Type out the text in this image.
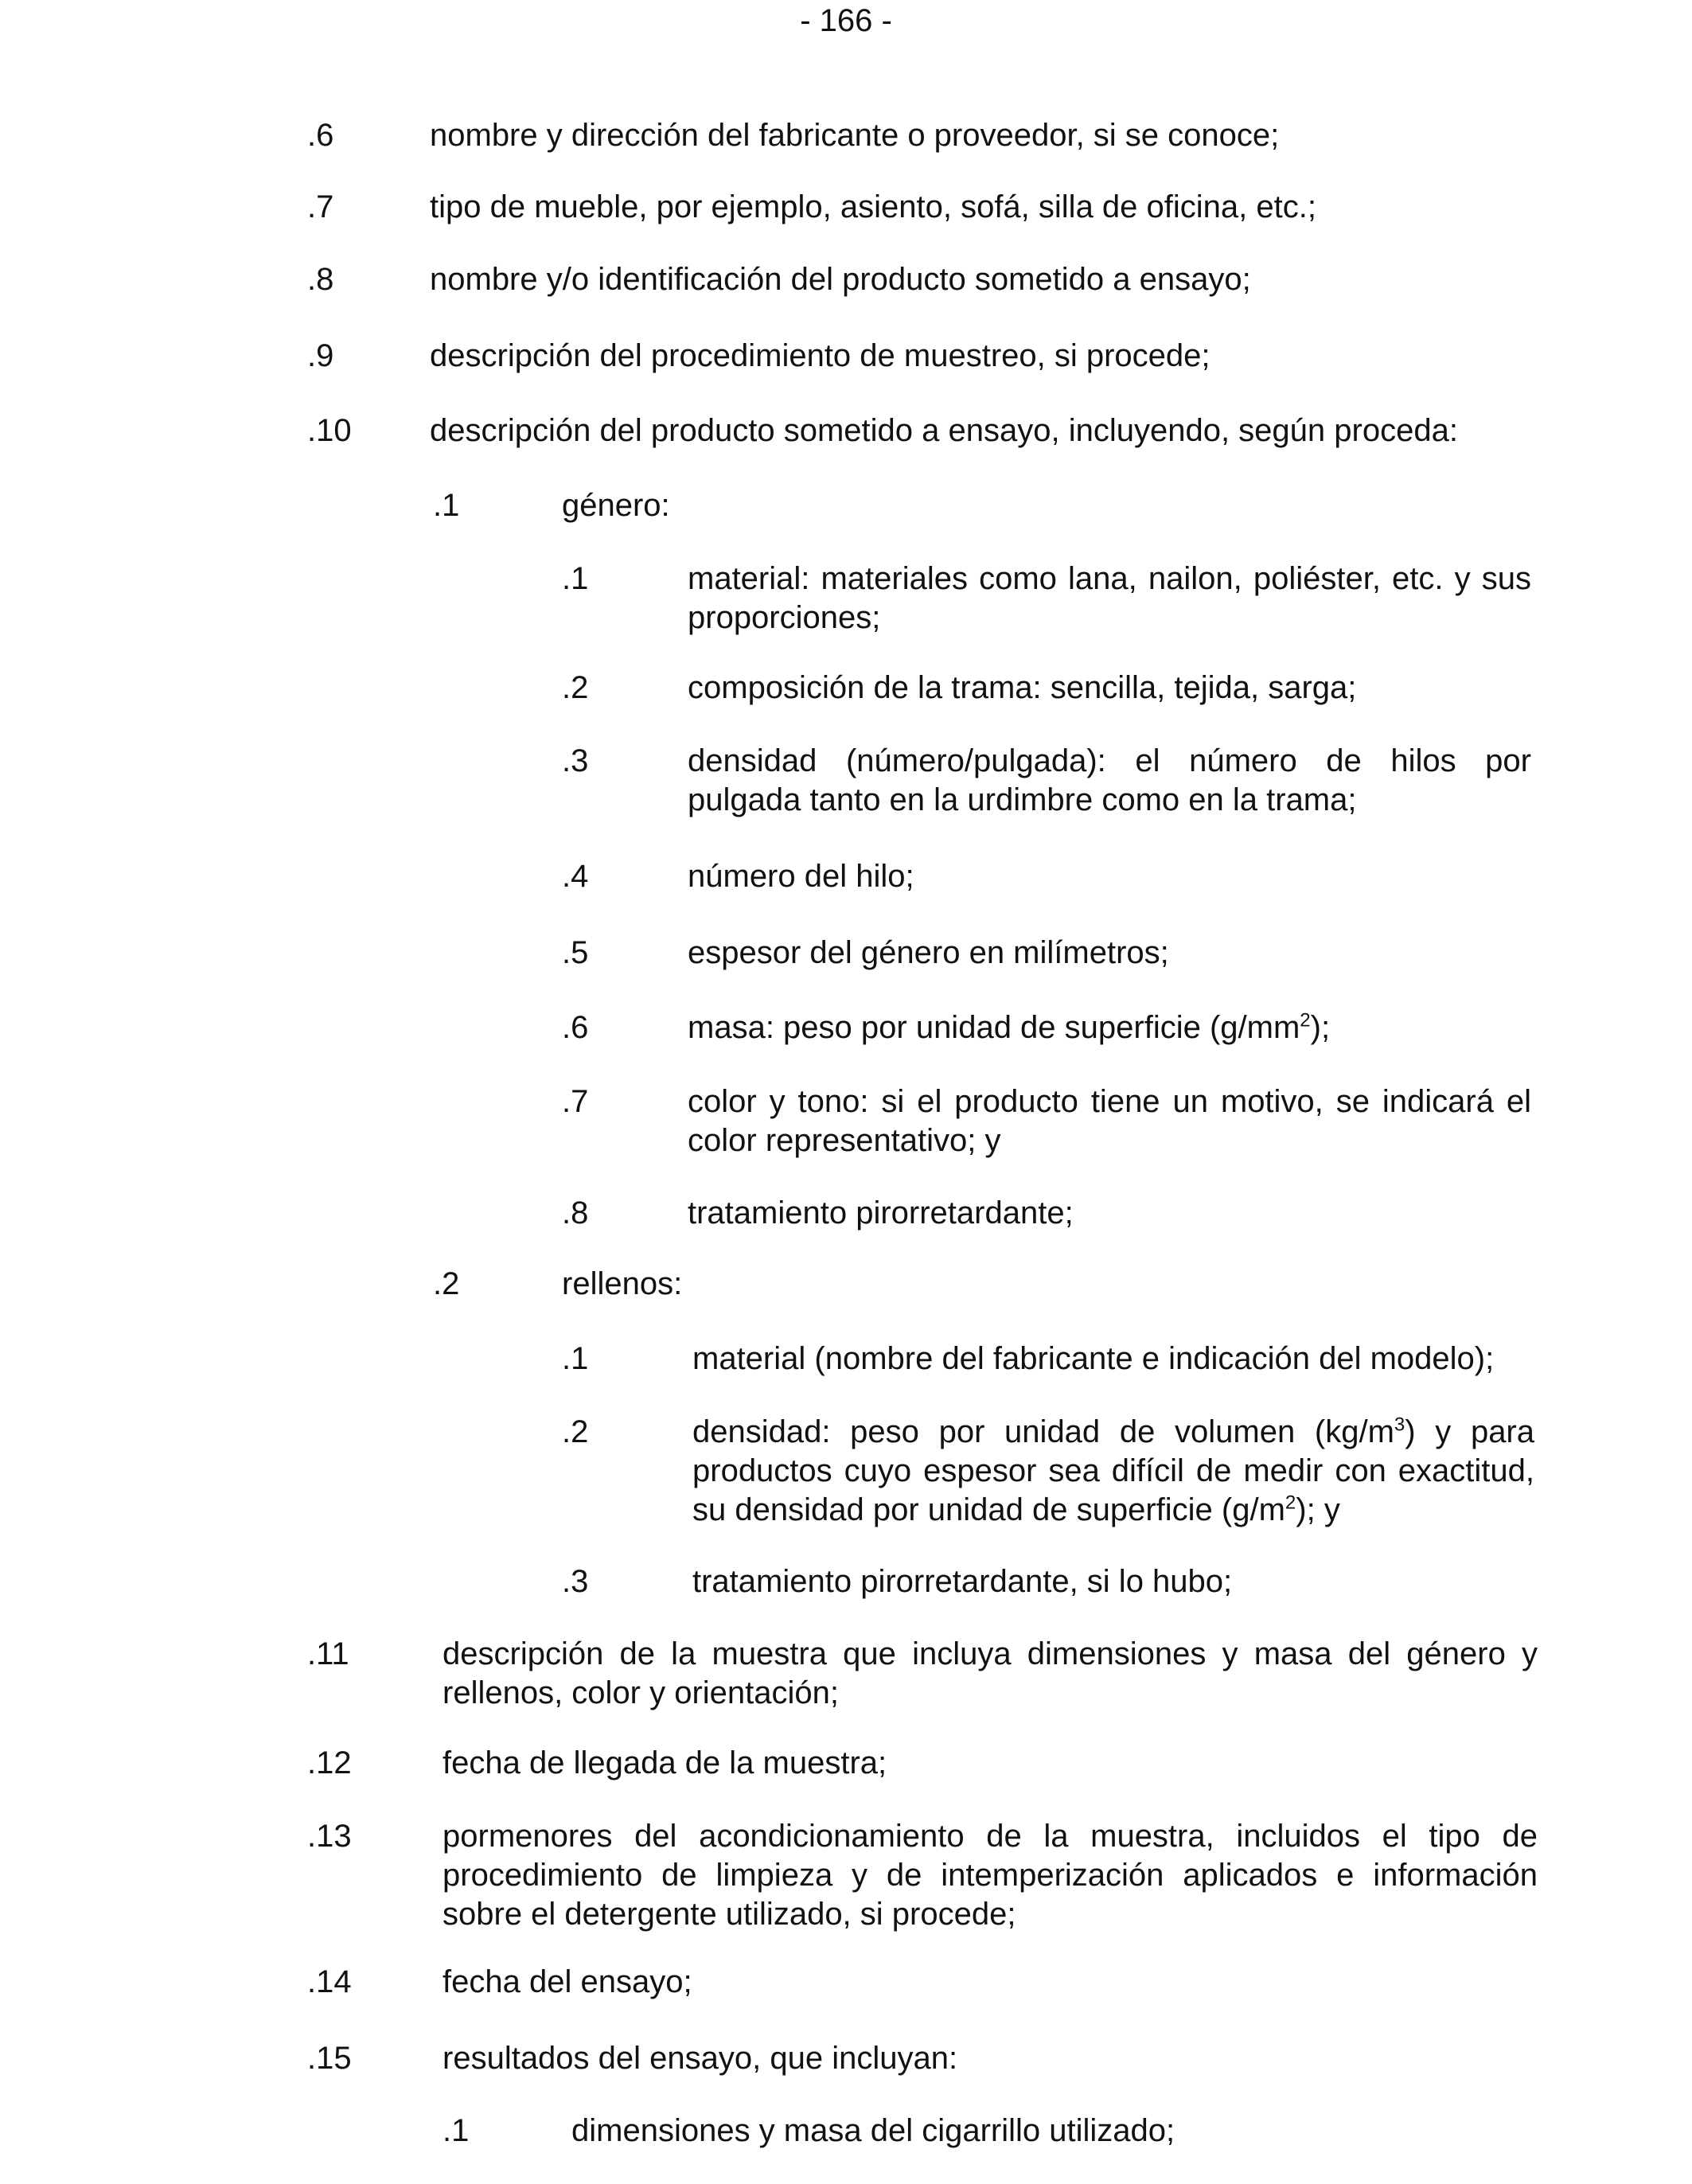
- 166 -
.6	nombre y dirección del fabricante o proveedor, si se conoce;
.7	tipo de mueble, por ejemplo, asiento, sofá, silla de oficina, etc.;
.8	nombre y/o identificación del producto sometido a ensayo;
.9	descripción del procedimiento de muestreo, si procede;
.10 descripción del producto sometido a ensayo, incluyendo, según proceda:
.1	género:
.1	material: materiales como lana, nailon, poliéster, etc. y sus proporciones;
.2	composición de la trama: sencilla, tejida, sarga;
.3	densidad (número/pulgada): el número de hilos por pulgada tanto en la urdimbre como en la trama;
.4	número del hilo;
.5	espesor del género en milímetros;
.6	masa: peso por unidad de superficie $(g/mm^2)$;
.7	color y tono: si el producto tiene un motivo, se indicará el color representativo; y
.8	tratamiento pirorretardante;
.2	rellenos:
.1	material (nombre del fabricante e indicación del modelo);
.2	densidad: peso por unidad de volumen $(kg/m^3)$ y para productos cuyo espesor sea difícil de medir con exactitud, su densidad por unidad de superficie $(g/m^2)$; y
.3	tratamiento pirorretardante, si lo hubo;
.11	descripción de la muestra que incluya dimensiones y masa del género y rellenos, color y orientación;
.12	fecha de llegada de la muestra;
.13	pormenores del acondicionamiento de la muestra, incluidos el tipo de procedimiento de limpieza y de intemperización aplicados e información sobre el detergente utilizado, si procede;
.14	fecha del ensayo;
.15	resultados del ensayo, que incluyan:
.1	dimensiones y masa del cigarrillo utilizado;
